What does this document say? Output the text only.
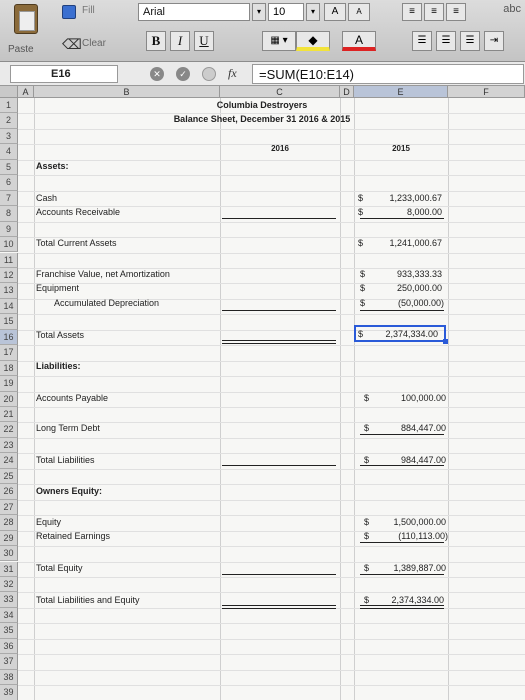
Paste
Fill
⌫ Clear
Arial	▾	10	▾	A	A	≡	≡	≡	abc
B	I	U	▦ ▾	◆	A	☰	☰	☰	⇥
E16	✕	✓	fx	=SUM(E10:E14)
A	B	C	D	E	F
1
2
3
4
5
6
7
8
9
10
11
12
13
14
15
16
17
18
19
20
21
22
23
24
25
26
27
28
29
30
31
32
33
34
35
36
37
38
39
Columbia Destroyers
Balance Sheet, December 31 2016 & 2015
2016	2015
Assets:
Cash
Accounts Receivable
Total Current Assets
Franchise Value, net Amortization
Equipment
Accumulated Depreciation
Total Assets
Liabilities:
Accounts Payable
Long Term Debt
Total Liabilities
Owners Equity:
Equity
Retained Earnings
Total Equity
Total Liabilities and Equity
$	1,233,000.67
$	8,000.00
$	1,241,000.67
$	933,333.33
$	250,000.00
$	(50,000.00)
$	2,374,334.00
$	100,000.00
$	884,447.00
$	984,447.00
$	1,500,000.00
$	(110,113.00)
$	1,389,887.00
$	2,374,334.00
